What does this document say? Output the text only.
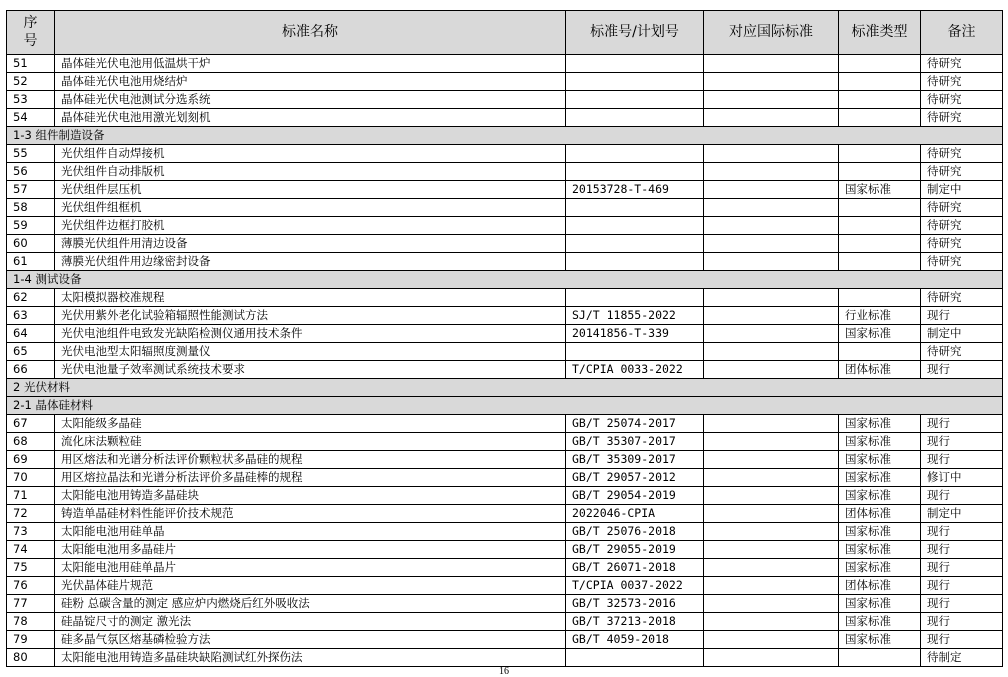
序号	标准名称	标准号/计划号	对应国际标准	标准类型	备注
51	晶体硅光伏电池用低温烘干炉				待研究
52	晶体硅光伏电池用烧结炉				待研究
53	晶体硅光伏电池测试分选系统				待研究
54	晶体硅光伏电池用激光划刻机				待研究
1-3 组件制造设备					
55	光伏组件自动焊接机				待研究
56	光伏组件自动排版机				待研究
57	光伏组件层压机	20153728-T-469		国家标准	制定中
58	光伏组件组框机				待研究
59	光伏组件边框打胶机				待研究
60	薄膜光伏组件用清边设备				待研究
61	薄膜光伏组件用边缘密封设备				待研究
1-4 测试设备					
62	太阳模拟器校准规程				待研究
63	光伏用紫外老化试验箱辐照性能测试方法	SJ/T 11855-2022		行业标准	现行
64	光伏电池组件电致发光缺陷检测仪通用技术条件	20141856-T-339		国家标准	制定中
65	光伏电池型太阳辐照度测量仪				待研究
66	光伏电池量子效率测试系统技术要求	T/CPIA 0033-2022		团体标准	现行
2 光伏材料					
2-1 晶体硅材料					
67	太阳能级多晶硅	GB/T 25074-2017		国家标准	现行
68	流化床法颗粒硅	GB/T 35307-2017		国家标准	现行
69	用区熔法和光谱分析法评价颗粒状多晶硅的规程	GB/T 35309-2017		国家标准	现行
70	用区熔拉晶法和光谱分析法评价多晶硅棒的规程	GB/T 29057-2012		国家标准	修订中
71	太阳能电池用铸造多晶硅块	GB/T 29054-2019		国家标准	现行
72	铸造单晶硅材料性能评价技术规范	2022046-CPIA		团体标准	制定中
73	太阳能电池用硅单晶	GB/T 25076-2018		国家标准	现行
74	太阳能电池用多晶硅片	GB/T 29055-2019		国家标准	现行
75	太阳能电池用硅单晶片	GB/T 26071-2018		国家标准	现行
76	光伏晶体硅片规范	T/CPIA 0037-2022		团体标准	现行
77	硅粉 总碳含量的测定 感应炉内燃烧后红外吸收法	GB/T 32573-2016		国家标准	现行
78	硅晶锭尺寸的测定 激光法	GB/T 37213-2018		国家标准	现行
79	硅多晶气氛区熔基磷检验方法	GB/T 4059-2018		国家标准	现行
80	太阳能电池用铸造多晶硅块缺陷测试红外探伤法				待制定
16
